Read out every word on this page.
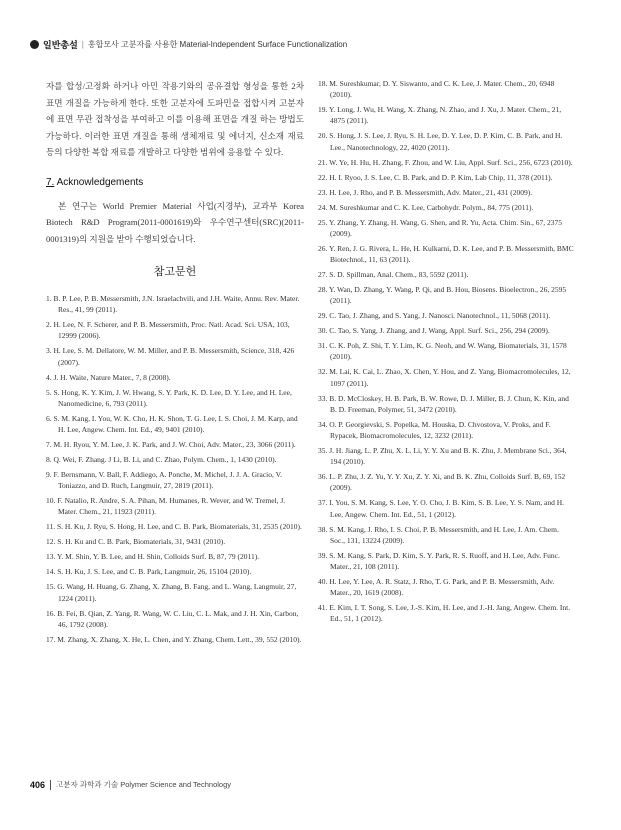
일반총설 | 홍합모사 고분자를 사용한 Material-Independent Surface Functionalization

자를 합성/고정화 하거나 아민 작용기와의 공유결합 형성을 통한 2차 표면 개질을 가능하게 한다. 또한 고분자에 도파민을 접합시켜 고분자에 표면 무관 접착성을 부여하고 이를 이용해 표면을 개질 하는 방법도 가능하다. 이러한 표면 개질을 통해 생체재료 및 에너지, 신소재 재료 등의 다양한 복합 재료를 개발하고 다양한 범위에 응용할 수 있다.

7. Acknowledgements

본 연구는 World Premier Material 사업(지경부), 교과부 Korea Biotech R&D Program(2011-0001619)와 우수연구센터(SRC)(2011-0001319)의 지원을 받아 수행되었습니다.

참고문헌
1. B. P. Lee, P. B. Messersmith, J.N. Israelachvili, and J.H. Waite, Annu. Rev. Mater. Res., 41, 99 (2011).
2. H. Lee, N. F. Scherer, and P. B. Messersmith, Proc. Natl. Acad. Sci. USA, 103, 12999 (2006).
3. H. Lee, S. M. Dellatore, W. M. Miller, and P. B. Messersmith, Science, 318, 426 (2007).
4. J. H. Waite, Nature Mater., 7, 8 (2008).
5. S. Hong, K. Y. Kim, J. W. Hwang, S. Y. Park, K. D. Lee, D. Y. Lee, and H. Lee, Nanomedicine, 6, 793 (2011).
6. S. M. Kang, I. You, W. K. Cho, H. K. Shon, T. G. Lee, I. S. Choi, J. M. Karp, and H. Lee, Angew. Chem. Int. Ed., 49, 9401 (2010).
7. M. H. Ryou, Y. M. Lee, J. K. Park, and J. W. Choi, Adv. Mater., 23, 3066 (2011).
8. Q. Wei, F. Zhang. J Li, B. Li, and C. Zhao, Polym. Chem., 1, 1430 (2010).
9. F. Bernsmann, V. Ball, F. Addiego, A. Ponche, M. Michel, J. J. A. Gracio, V. Toniazzo, and D. Ruch, Langmuir, 27, 2819 (2011).
10. F. Natalio, R. Andre, S. A. Pihan, M. Humanes, R. Wever, and W. Tremel, J. Mater. Chem., 21, 11923 (2011).
11. S. H. Ku, J. Ryu, S. Hong, H. Lee, and C. B. Park, Biomaterials, 31, 2535 (2010).
12. S. H. Ku and C. B. Park, Biomaterials, 31, 9431 (2010).
13. Y. M. Shin, Y. B. Lee, and H. Shin, Colloids Surf. B, 87, 79 (2011).
14. S. H. Ku, J. S. Lee, and C. B. Park, Langmuir, 26, 15104 (2010).
15. G. Wang, H. Huang, G. Zhang, X. Zhang, B. Fang, and L. Wang, Langmuir, 27, 1224 (2011).
16. B. Fei, B. Qian, Z. Yang, R. Wang, W. C. Liu, C. L. Mak, and J. H. Xin, Carbon, 46, 1792 (2008).
17. M. Zhang, X. Zhang, X. He, L. Chen, and Y. Zhang, Chem. Lett., 39, 552 (2010).
18. M. Sureshkumar, D. Y. Siswanto, and C. K. Lee, J. Mater. Chem., 20, 6948 (2010).
19. Y. Long, J. Wu, H. Wang, X. Zhang, N. Zhao, and J. Xu, J. Mater. Chem., 21, 4875 (2011).
20. S. Hong, J. S. Lee, J. Ryu, S. H. Lee, D. Y. Lee, D. P. Kim, C. B. Park, and H. Lee., Nanotechnology, 22, 4020 (2011).
21. W. Ye, H. Hu, H. Zhang, F. Zhou, and W. Liu, Appl. Surf. Sci., 256, 6723 (2010).
22. H. I. Ryoo, J. S. Lee, C. B. Park, and D. P. Kim, Lab Chip, 11, 378 (2011).
23. H. Lee, J. Rho, and P. B. Messersmith, Adv. Mater., 21, 431 (2009).
24. M. Sureshkumar and C. K. Lee, Carbohydr. Polym., 84, 775 (2011).
25. Y. Zhang, Y. Zhang, H. Wang, G. Shen, and R. Yu, Acta. Chim. Sin., 67, 2375 (2009).
26. Y. Ren, J. G. Rivera, L. He, H. Kulkarni, D. K. Lee, and P. B. Messersmith, BMC Biotechnol., 11, 63 (2011).
27. S. D. Spillman, Anal. Chem., 83, 5592 (2011).
28. Y. Wan, D. Zhang, Y. Wang, P. Qi, and B. Hou, Biosens. Bioelectron., 26, 2595 (2011).
29. C. Tao, J. Zhang, and S. Yang, J. Nanosci. Nanotechnol., 11, 5068 (2011).
30. C. Tao, S. Yang, J. Zhang, and J. Wang, Appl. Surf. Sci., 256, 294 (2009).
31. C. K. Poh, Z. Shi, T. Y. Lim, K. G. Neoh, and W. Wang, Biomaterials, 31, 1578 (2010).
32. M. Lai, K. Cai, L. Zhao, X. Chen, Y. Hou, and Z. Yang, Biomacromolecules, 12, 1097 (2011).
33. B. D. McCloskey, H. B. Park, B. W. Rowe, D. J. Miller, B. J. Chun, K. Kin, and B. D. Freeman, Polymer, 51, 3472 (2010).
34. O. P. Georgievski, S. Popelka, M. Houska, D. Chvostova, V. Proks, and F. Rypacek, Biomacromolecules, 12, 3232 (2011).
35. J. H. Jiang, L. P. Zhu, X. L. Li, Y. Y. Xu and B. K. Zhu, J. Membrane Sci., 364, 194 (2010).
36. L. P. Zhu, J. Z. Yu, Y. Y. Xu, Z. Y. Xi, and B. K. Zhu, Colloids Surf. B, 69, 152 (2009).
37. I. You, S. M. Kang, S. Lee, Y. O. Cho, J. B. Kim, S. B. Lee, Y. S. Nam, and H. Lee, Angew. Chem. Int. Ed., 51, 1 (2012).
38. S. M. Kang, J. Rho, I. S. Choi, P. B. Messersmith, and H. Lee, J. Am. Chem. Soc., 131, 13224 (2009).
39. S. M. Kang, S. Park, D. Kim, S. Y. Park, R. S. Ruoff, and H. Lee, Adv. Func. Mater., 21, 108 (2011).
40. H. Lee, Y. Lee, A. R. Statz, J. Rho, T. G. Park, and P. B. Messersmith, Adv. Mater., 20, 1619 (2008).
41. E. Kim, I. T. Song, S. Lee, J.-S. Kim, H. Lee, and J.-H. Jang, Angew. Chem. Int. Ed., 51, 1 (2012).
406 고분자 과학과 기술 Polymer Science and Technology
